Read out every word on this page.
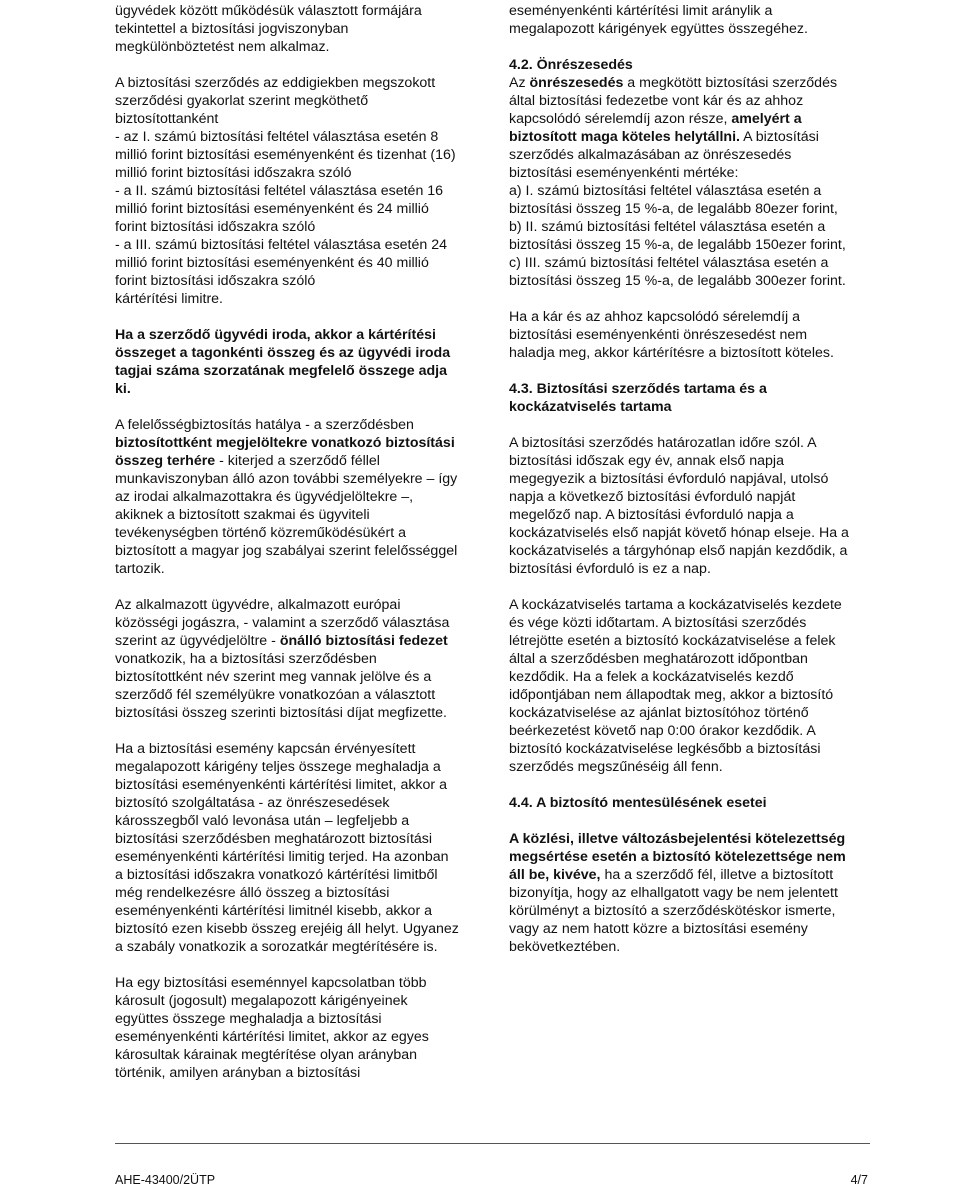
ügyvédek között működésük választott formájára tekintettel a biztosítási jogviszonyban megkülönböztetést nem alkalmaz.

A biztosítási szerződés az eddigiekben megszokott szerződési gyakorlat szerint megköthető biztosítottanként

- az I. számú biztosítási feltétel választása esetén 8 millió forint biztosítási eseményenként és tizenhat (16) millió forint biztosítási időszakra szóló

- a II. számú biztosítási feltétel választása esetén 16 millió forint biztosítási eseményenként és 24 millió forint biztosítási időszakra szóló

- a III. számú biztosítási feltétel választása esetén 24 millió forint biztosítási eseményenként és 40 millió forint biztosítási időszakra szóló

kártérítési limitre.

Ha a szerződő ügyvédi iroda, akkor a kártérítési összeget a tagonkénti összeg és az ügyvédi iroda tagjai száma szorzatának megfelelő összege adja ki.

A felelősségbiztosítás hatálya - a szerződésben biztosítottként megjelöltekre vonatkozó biztosítási összeg terhére - kiterjed a szerződő féllel munkaviszonyban álló azon további személyekre – így az irodai alkalmazottakra és ügyvédjelöltekre –, akiknek a biztosított szakmai és ügyviteli tevékenységben történő közreműködésükért a biztosított a magyar jog szabályai szerint felelősséggel tartozik.

Az alkalmazott ügyvédre, alkalmazott európai közösségi jogászra, - valamint a szerződő választása szerint az ügyvédjelöltre - önálló biztosítási fedezet vonatkozik, ha a biztosítási szerződésben biztosítottként név szerint meg vannak jelölve és a szerződő fél személyükre vonatkozóan a választott biztosítási összeg szerinti biztosítási díjat megfizette.

Ha a biztosítási esemény kapcsán érvényesített megalapozott kárigény teljes összege meghaladja a biztosítási eseményenkénti kártérítési limitet, akkor a biztosító szolgáltatása - az önrészesedések károsszegből való levonása után – legfeljebb a biztosítási szerződésben meghatározott biztosítási eseményenkénti kártérítési limitig terjed. Ha azonban a biztosítási időszakra vonatkozó kártérítési limitből még rendelkezésre álló összeg a biztosítási eseményenkénti kártérítési limitnél kisebb, akkor a biztosító ezen kisebb összeg erejéig áll helyt. Ugyanez a szabály vonatkozik a sorozatkár megtérítésére is.

Ha egy biztosítási eseménnyel kapcsolatban több károsult (jogosult) megalapozott kárigényeinek együttes összege meghaladja a biztosítási eseményenkénti kártérítési limitet, akkor az egyes károsultak kárainak megtérítése olyan arányban történik, amilyen arányban a biztosítási

eseményenkénti kártérítési limit aránylik a megalapozott kárigények együttes összegéhez.

4.2. Önrészesedés

Az önrészesedés a megkötött biztosítási szerződés által biztosítási fedezetbe vont kár és az ahhoz kapcsolódó sérelemdíj azon része, amelyért a biztosított maga köteles helytállni. A biztosítási szerződés alkalmazásában az önrészesedés biztosítási eseményenkénti mértéke:

a) I. számú biztosítási feltétel választása esetén a biztosítási összeg 15 %-a, de legalább 80ezer forint,

b) II. számú biztosítási feltétel választása esetén a biztosítási összeg 15 %-a, de legalább 150ezer forint,

c) III. számú biztosítási feltétel választása esetén a biztosítási összeg 15 %-a, de legalább 300ezer forint.

Ha a kár és az ahhoz kapcsolódó sérelemdíj a biztosítási eseményenkénti önrészesedést nem haladja meg, akkor kártérítésre a biztosított köteles.

4.3. Biztosítási szerződés tartama és a kockázatviselés tartama

A biztosítási szerződés határozatlan időre szól. A biztosítási időszak egy év, annak első napja megegyezik a biztosítási évforduló napjával, utolsó napja a következő biztosítási évforduló napját megelőző nap. A biztosítási évforduló napja a kockázatviselés első napját követő hónap elseje. Ha a kockázatviselés a tárgyhónap első napján kezdődik, a biztosítási évforduló is ez a nap.

A kockázatviselés tartama a kockázatviselés kezdete és vége közti időtartam. A biztosítási szerződés létrejötte esetén a biztosító kockázatviselése a felek által a szerződésben meghatározott időpontban kezdődik. Ha a felek a kockázatviselés kezdő időpontjában nem állapodtak meg, akkor a biztosító kockázatviselése az ajánlat biztosítóhoz történő beérkezetést követő nap 0:00 órakor kezdődik. A biztosító kockázatviselése legkésőbb a biztosítási szerződés megszűnéséig áll fenn.

4.4. A biztosító mentesülésének esetei

A közlési, illetve változásbejelentési kötelezettség megsértése esetén a biztosító kötelezettsége nem áll be, kivéve, ha a szerződő fél, illetve a biztosított bizonyítja, hogy az elhallgatott vagy be nem jelentett körülményt a biztosító a szerződéskötéskor ismerte, vagy az nem hatott közre a biztosítási esemény bekövetkeztében.

AHE-43400/2ÜTP	4/7
